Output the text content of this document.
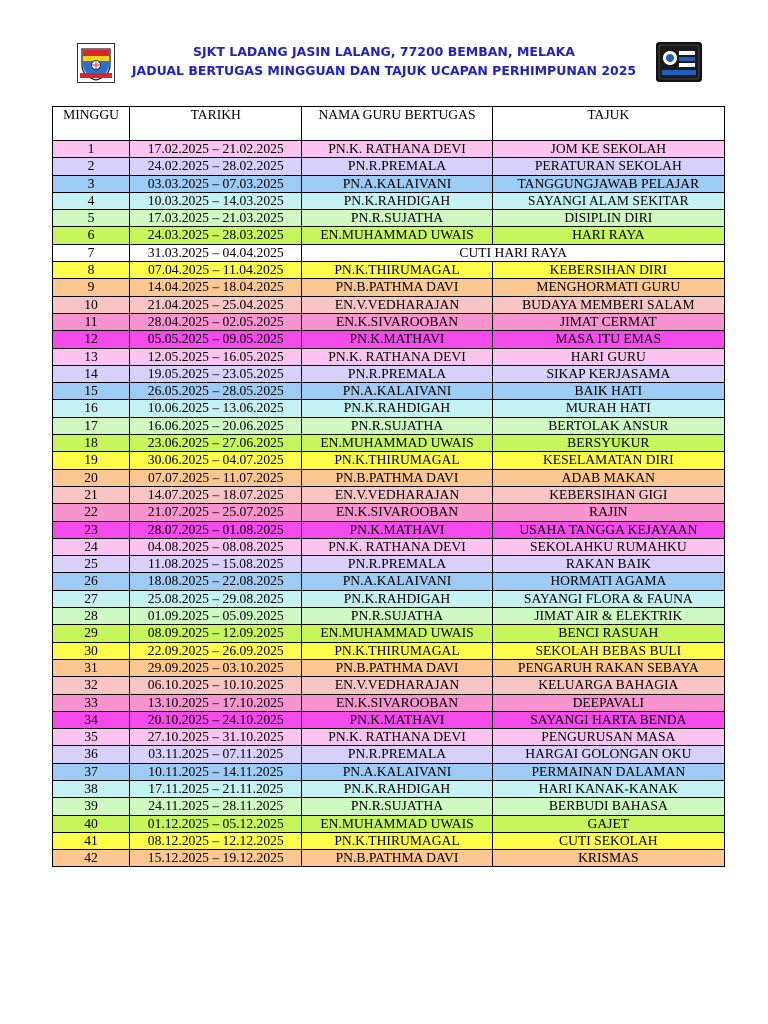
SJKT LADANG JASIN LALANG, 77200 BEMBAN, MELAKA
JADUAL BERTUGAS MINGGUAN DAN TAJUK UCAPAN PERHIMPUNAN 2025
MINGGU	TARIKH	NAMA GURU BERTUGAS	TAJUK
1	17.02.2025 – 21.02.2025	PN.K. RATHANA DEVI	JOM KE SEKOLAH
2	24.02.2025 – 28.02.2025	PN.R.PREMALA	PERATURAN SEKOLAH
3	03.03.2025 – 07.03.2025	PN.A.KALAIVANI	TANGGUNGJAWAB PELAJAR
4	10.03.2025 – 14.03.2025	PN.K.RAHDIGAH	SAYANGI ALAM SEKITAR
5	17.03.2025 – 21.03.2025	PN.R.SUJATHA	DISIPLIN DIRI
6	24.03.2025 – 28.03.2025	EN.MUHAMMAD UWAIS	HARI RAYA
7	31.03.2025 – 04.04.2025	CUTI HARI RAYA	
8	07.04.2025 – 11.04.2025	PN.K.THIRUMAGAL	KEBERSIHAN DIRI
9	14.04.2025 – 18.04.2025	PN.B.PATHMA DAVI	MENGHORMATI GURU
10	21.04.2025 – 25.04.2025	EN.V.VEDHARAJAN	BUDAYA MEMBERI SALAM
11	28.04.2025 – 02.05.2025	EN.K.SIVAROOBAN	JIMAT CERMAT
12	05.05.2025 – 09.05.2025	PN.K.MATHAVI	MASA ITU EMAS
13	12.05.2025 – 16.05.2025	PN.K. RATHANA DEVI	HARI GURU
14	19.05.2025 – 23.05.2025	PN.R.PREMALA	SIKAP KERJASAMA
15	26.05.2025 – 28.05.2025	PN.A.KALAIVANI	BAIK HATI
16	10.06.2025 – 13.06.2025	PN.K.RAHDIGAH	MURAH HATI
17	16.06.2025 – 20.06.2025	PN.R.SUJATHA	BERTOLAK ANSUR
18	23.06.2025 – 27.06.2025	EN.MUHAMMAD UWAIS	BERSYUKUR
19	30.06.2025 – 04.07.2025	PN.K.THIRUMAGAL	KESELAMATAN DIRI
20	07.07.2025 – 11.07.2025	PN.B.PATHMA DAVI	ADAB MAKAN
21	14.07.2025 – 18.07.2025	EN.V.VEDHARAJAN	KEBERSIHAN GIGI
22	21.07.2025 – 25.07.2025	EN.K.SIVAROOBAN	RAJIN
23	28.07.2025 – 01.08.2025	PN.K.MATHAVI	USAHA TANGGA KEJAYAAN
24	04.08.2025 – 08.08.2025	PN.K. RATHANA DEVI	SEKOLAHKU RUMAHKU
25	11.08.2025 – 15.08.2025	PN.R.PREMALA	RAKAN BAIK
26	18.08.2025 – 22.08.2025	PN.A.KALAIVANI	HORMATI AGAMA
27	25.08.2025 – 29.08.2025	PN.K.RAHDIGAH	SAYANGI FLORA & FAUNA
28	01.09.2025 – 05.09.2025	PN.R.SUJATHA	JIMAT AIR & ELEKTRIK
29	08.09.2025 – 12.09.2025	EN.MUHAMMAD UWAIS	BENCI RASUAH
30	22.09.2025 – 26.09.2025	PN.K.THIRUMAGAL	SEKOLAH BEBAS BULI
31	29.09.2025 – 03.10.2025	PN.B.PATHMA DAVI	PENGARUH RAKAN SEBAYA
32	06.10.2025 – 10.10.2025	EN.V.VEDHARAJAN	KELUARGA BAHAGIA
33	13.10.2025 – 17.10.2025	EN.K.SIVAROOBAN	DEEPAVALI
34	20.10.2025 – 24.10.2025	PN.K.MATHAVI	SAYANGI HARTA BENDA
35	27.10.2025 – 31.10.2025	PN.K. RATHANA DEVI	PENGURUSAN MASA
36	03.11.2025 – 07.11.2025	PN.R.PREMALA	HARGAI GOLONGAN OKU
37	10.11.2025 – 14.11.2025	PN.A.KALAIVANI	PERMAINAN DALAMAN
38	17.11.2025 – 21.11.2025	PN.K.RAHDIGAH	HARI KANAK-KANAK
39	24.11.2025 – 28.11.2025	PN.R.SUJATHA	BERBUDI BAHASA
40	01.12.2025 – 05.12.2025	EN.MUHAMMAD UWAIS	GAJET
41	08.12.2025 – 12.12.2025	PN.K.THIRUMAGAL	CUTI SEKOLAH
42	15.12.2025 – 19.12.2025	PN.B.PATHMA DAVI	KRISMAS
